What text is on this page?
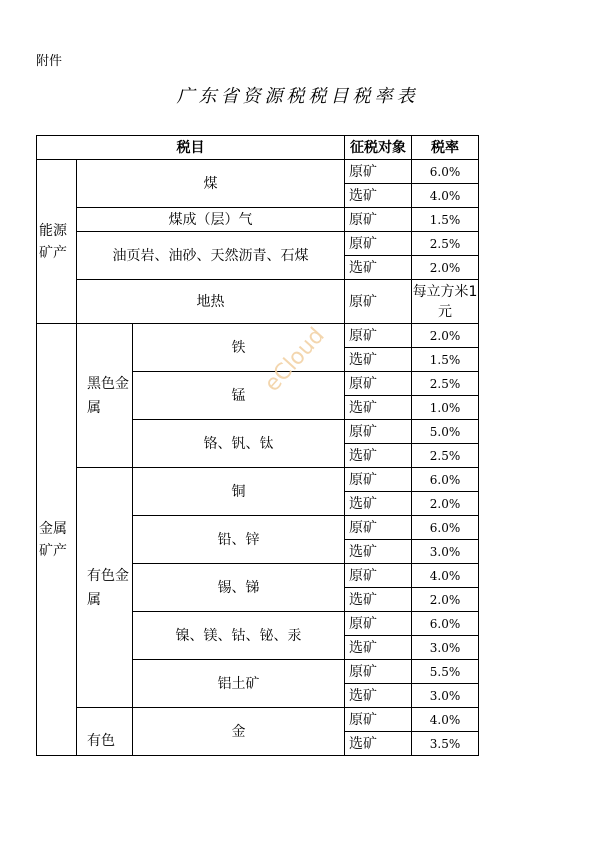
附件
广东省资源税税目税率表
税目			征税对象	税率
能源矿产	煤		原矿	6.0%
			选矿	4.0%
	煤成（层）气		原矿	1.5%
	油页岩、油砂、天然沥青、石煤		原矿	2.5%
			选矿	2.0%
	地热		原矿	每立方米1元

金属矿产	黑色金属	铁	原矿	2.0%
			选矿	1.5%
		锰	原矿	2.5%
			选矿	1.0%
		铬、钒、钛	原矿	5.0%
			选矿	2.5%
	有色金属	铜	原矿	6.0%
			选矿	2.0%
		铅、锌	原矿	6.0%
			选矿	3.0%
		锡、锑	原矿	4.0%
			选矿	2.0%
		镍、镁、钴、铋、汞	原矿	6.0%
			选矿	3.0%
		铝土矿	原矿	5.5%
			选矿	3.0%
	有色	金	原矿	4.0%
			选矿	3.5%
eCloud
